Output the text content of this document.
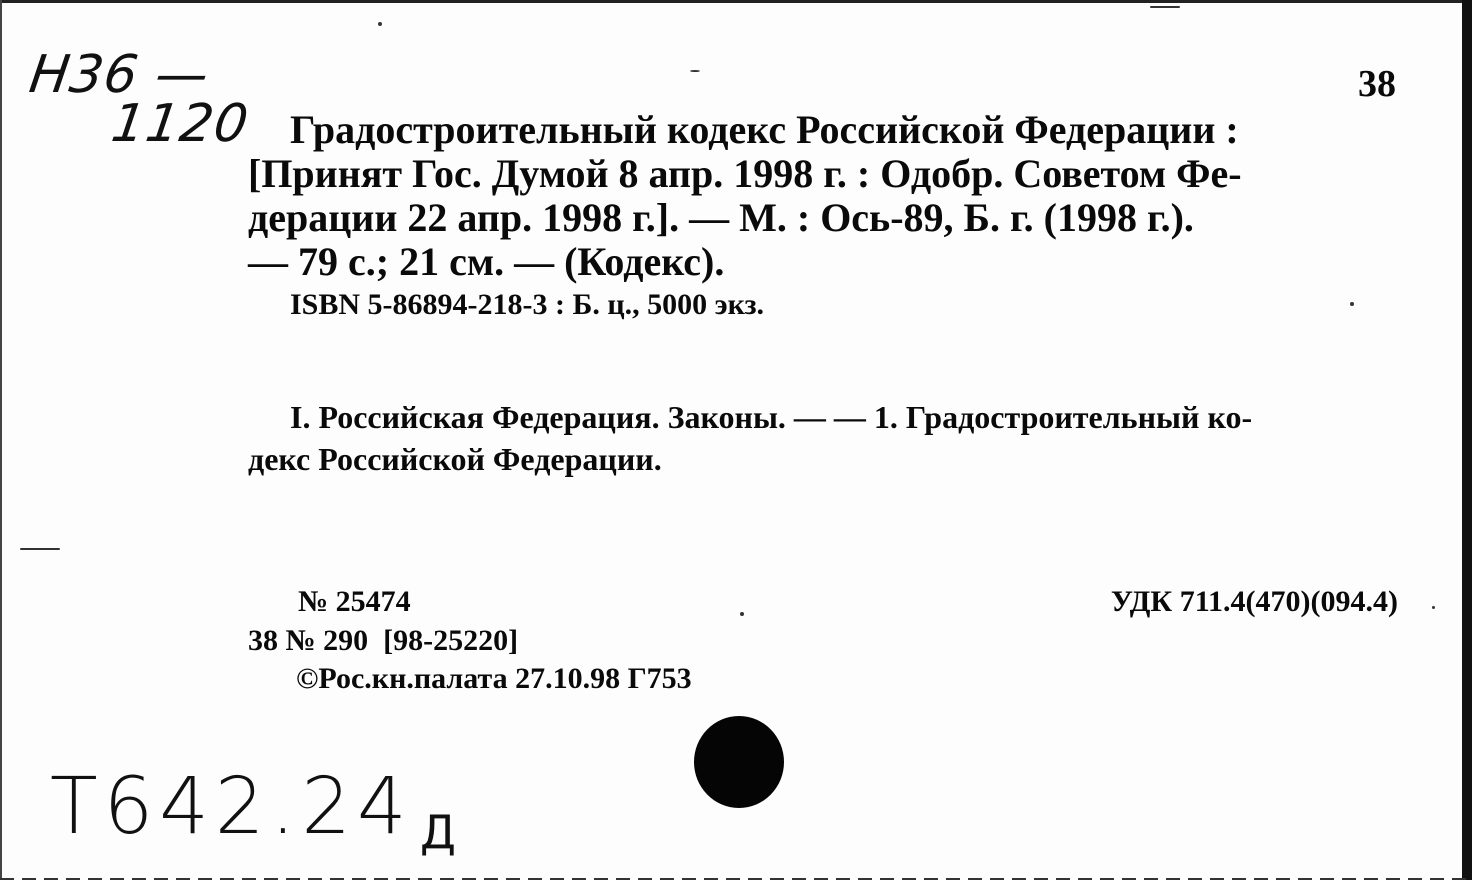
Н36 —
1120
38
Градостроительный кодекс Российской Федерации :
[Принят Гос. Думой 8 апр. 1998 г. : Одобр. Советом Фе-
дерации 22 апр. 1998 г.]. — М. : Ось-89, Б. г. (1998 г.).
— 79 с.; 21 см. — (Кодекс).
ISBN 5-86894-218-3 : Б. ц., 5000 экз.
I. Российская Федерация. Законы. — — 1. Градостроительный ко-
декс Российской Федерации.
№ 25474	УДК 711.4(470)(094.4)
38 № 290  [98-25220]
©Рос.кн.палата 27.10.98 Г753
Т642.24 Д
